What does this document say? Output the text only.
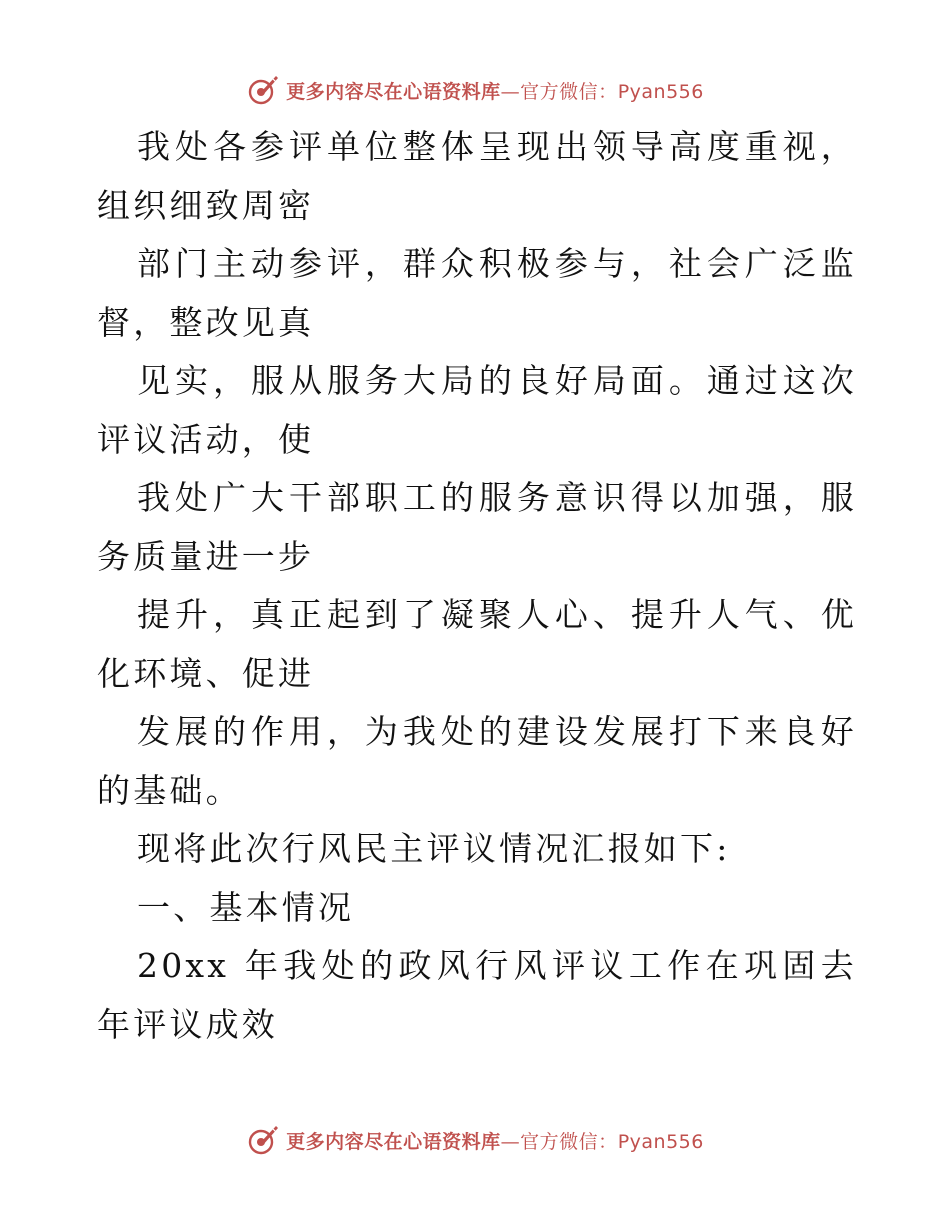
更多内容尽在心语资料库—官方微信：Pyan556

我处各参评单位整体呈现出领导高度重视，组织细致周密

部门主动参评，群众积极参与，社会广泛监督，整改见真

见实，服从服务大局的良好局面。通过这次评议活动，使

我处广大干部职工的服务意识得以加强，服务质量进一步

提升，真正起到了凝聚人心、提升人气、优化环境、促进

发展的作用，为我处的建设发展打下来良好的基础。

现将此次行风民主评议情况汇报如下:

一、基本情况

20xx 年我处的政风行风评议工作在巩固去年评议成效

更多内容尽在心语资料库—官方微信：Pyan556
